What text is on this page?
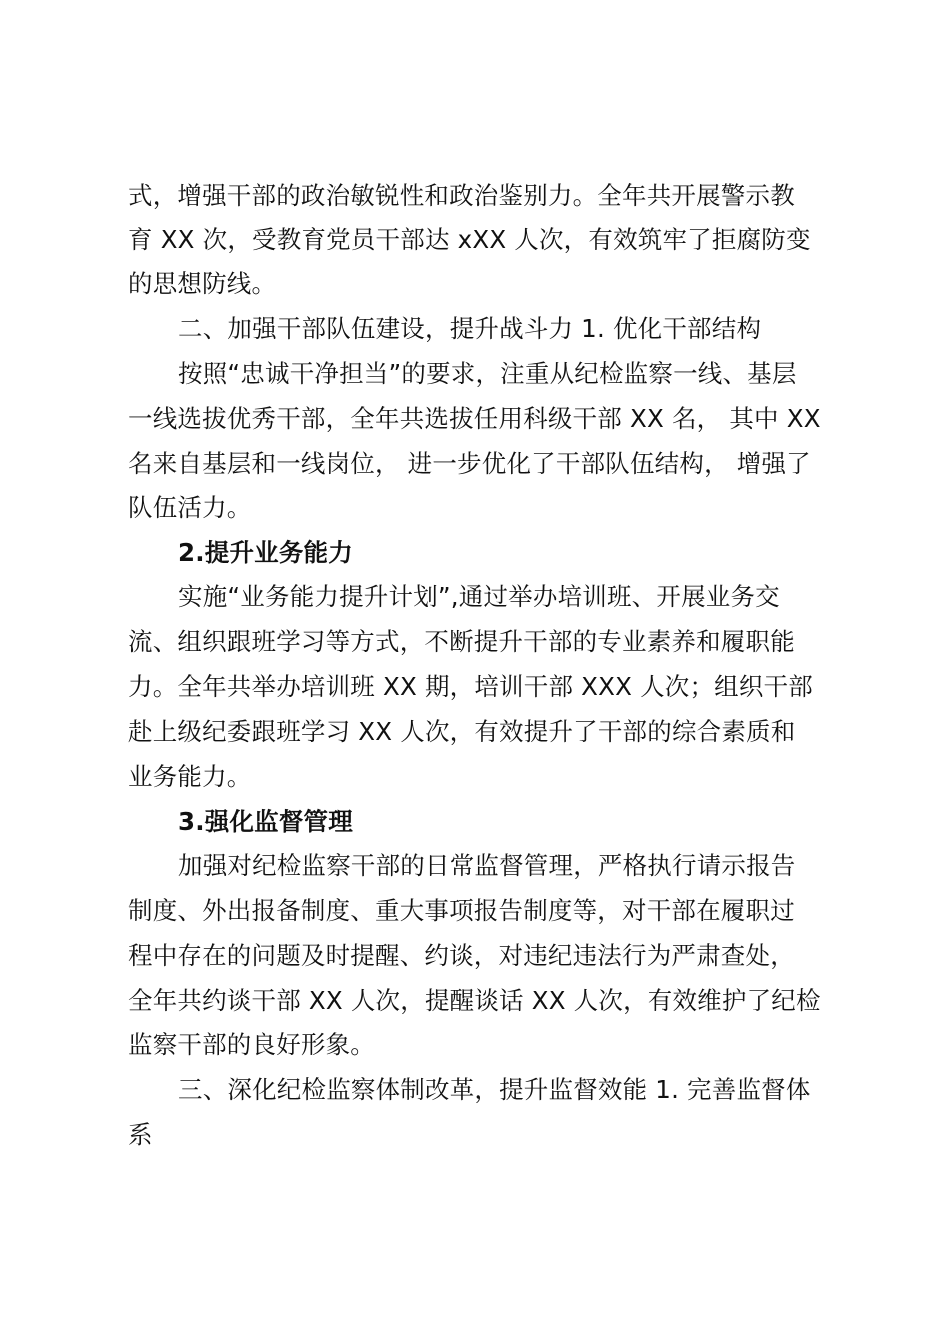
式，增强干部的政治敏锐性和政治鉴别力。全年共开展警示教
育 XX 次，受教育党员干部达 xXX 人次，有效筑牢了拒腐防变
的思想防线。
二、加强干部队伍建设，提升战斗力 1. 优化干部结构
按照“忠诚干净担当”的要求，注重从纪检监察一线、基层
一线选拔优秀干部，全年共选拔任用科级干部 XX 名， 其中 XX
名来自基层和一线岗位， 进一步优化了干部队伍结构， 增强了
队伍活力。
2.提升业务能力
实施“业务能力提升计划”,通过举办培训班、开展业务交
流、组织跟班学习等方式，不断提升干部的专业素养和履职能
力。全年共举办培训班 XX 期，培训干部 XXX 人次；组织干部
赴上级纪委跟班学习 XX 人次，有效提升了干部的综合素质和
业务能力。
3.强化监督管理
加强对纪检监察干部的日常监督管理，严格执行请示报告
制度、外出报备制度、重大事项报告制度等，对干部在履职过
程中存在的问题及时提醒、约谈，对违纪违法行为严肃查处，
全年共约谈干部 XX 人次，提醒谈话 XX 人次，有效维护了纪检
监察干部的良好形象。
三、深化纪检监察体制改革，提升监督效能 1. 完善监督体
系
